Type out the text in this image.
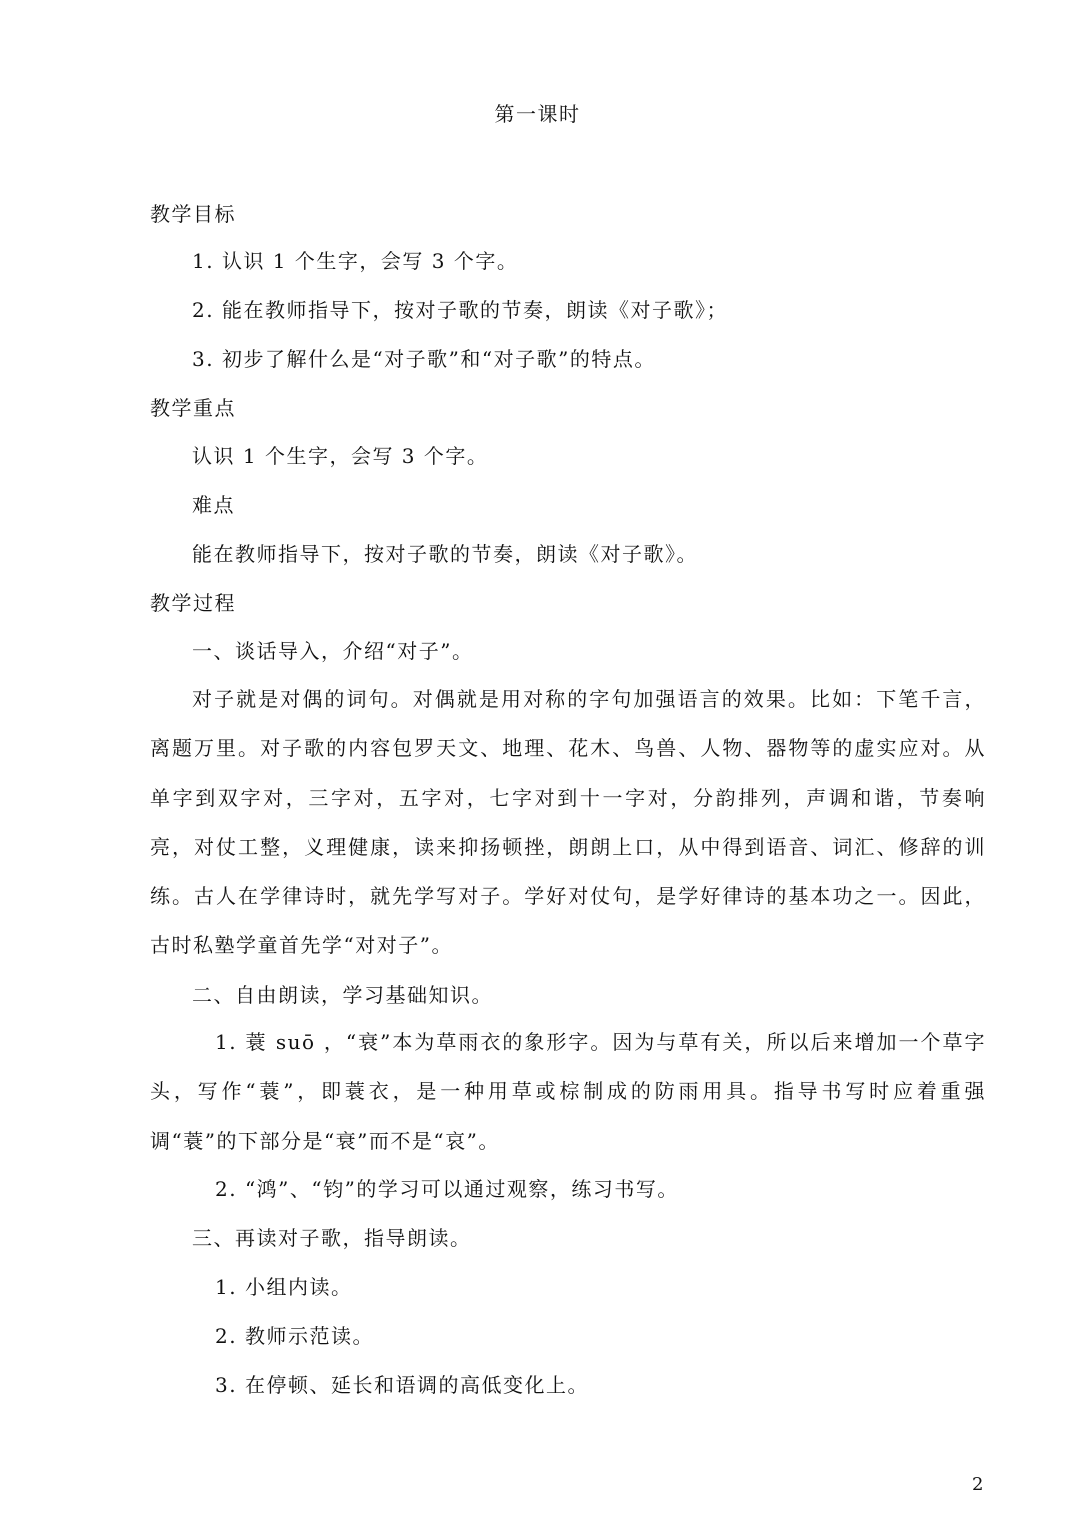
第一课时
教学目标
1. 认识 1 个生字，会写 3 个字。
2. 能在教师指导下，按对子歌的节奏，朗读《对子歌》；
3. 初步了解什么是“对子歌”和“对子歌”的特点。
教学重点
认识 1 个生字，会写 3 个字。
难点
能在教师指导下，按对子歌的节奏，朗读《对子歌》。
教学过程
一、谈话导入，介绍“对子”。
对子就是对偶的词句。对偶就是用对称的字句加强语言的效果。比如：下笔千言，离题万里。对子歌的内容包罗天文、地理、花木、鸟兽、人物、器物等的虚实应对。从单字到双字对，三字对，五字对，七字对到十一字对，分韵排列，声调和谐，节奏响亮，对仗工整，义理健康，读来抑扬顿挫，朗朗上口，从中得到语音、词汇、修辞的训练。古人在学律诗时，就先学写对子。学好对仗句，是学好律诗的基本功之一。因此，古时私塾学童首先学“对对子”。
二、自由朗读，学习基础知识。
1. 蓑 suō ，“衰”本为草雨衣的象形字。因为与草有关，所以后来增加一个草字头，写作“蓑”，即蓑衣，是一种用草或棕制成的防雨用具。指导书写时应着重强调“蓑”的下部分是“衰”而不是“哀”。
2. “鸿”、“钧”的学习可以通过观察，练习书写。
三、再读对子歌，指导朗读。
1. 小组内读。
2. 教师示范读。
3. 在停顿、延长和语调的高低变化上。
2
